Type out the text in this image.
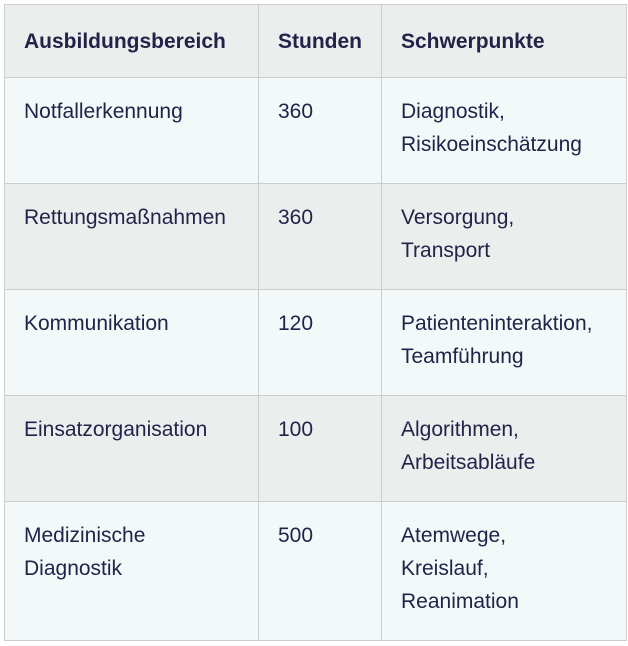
Ausbildungsbereich	Stunden	Schwerpunkte

Notfallerkennung	360	Diagnostik,
Risikoeinschätzung

Rettungsmaßnahmen	360	Versorgung,
Transport

Kommunikation	120	Patienteninteraktion,
Teamführung

Einsatzorganisation	100	Algorithmen,
Arbeitsabläufe

Medizinische
Diagnostik	500	Atemwege,
Kreislauf,
Reanimation
